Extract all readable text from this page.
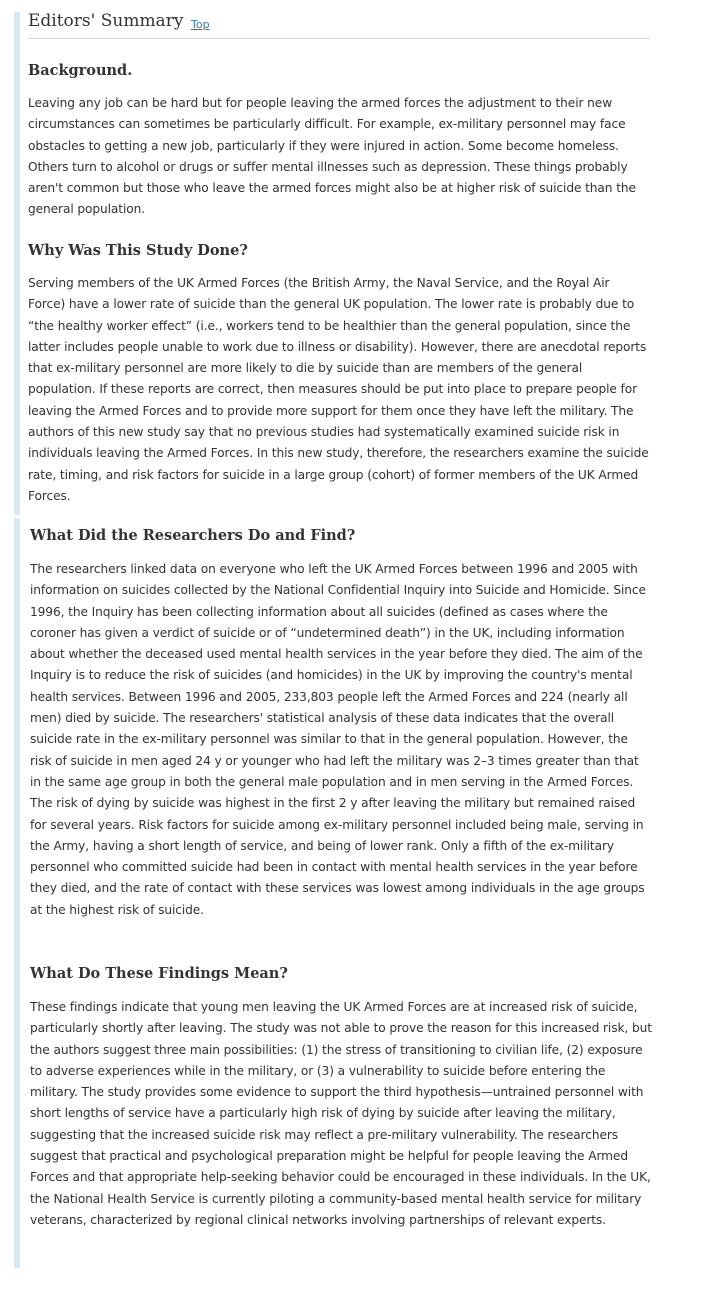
Editors' Summary Top
Background.

Leaving any job can be hard but for people leaving the armed forces the adjustment to their new circumstances can sometimes be particularly difficult. For example, ex-military personnel may face obstacles to getting a new job, particularly if they were injured in action. Some become homeless. Others turn to alcohol or drugs or suffer mental illnesses such as depression. These things probably aren't common but those who leave the armed forces might also be at higher risk of suicide than the general population.

Why Was This Study Done?

Serving members of the UK Armed Forces (the British Army, the Naval Service, and the Royal Air Force) have a lower rate of suicide than the general UK population. The lower rate is probably due to “the healthy worker effect” (i.e., workers tend to be healthier than the general population, since the latter includes people unable to work due to illness or disability). However, there are anecdotal reports that ex-military personnel are more likely to die by suicide than are members of the general population. If these reports are correct, then measures should be put into place to prepare people for leaving the Armed Forces and to provide more support for them once they have left the military. The authors of this new study say that no previous studies had systematically examined suicide risk in individuals leaving the Armed Forces. In this new study, therefore, the researchers examine the suicide rate, timing, and risk factors for suicide in a large group (cohort) of former members of the UK Armed Forces.

What Did the Researchers Do and Find?

The researchers linked data on everyone who left the UK Armed Forces between 1996 and 2005 with information on suicides collected by the National Confidential Inquiry into Suicide and Homicide. Since 1996, the Inquiry has been collecting information about all suicides (defined as cases where the coroner has given a verdict of suicide or of “undetermined death”) in the UK, including information about whether the deceased used mental health services in the year before they died. The aim of the Inquiry is to reduce the risk of suicides (and homicides) in the UK by improving the country's mental health services. Between 1996 and 2005, 233,803 people left the Armed Forces and 224 (nearly all men) died by suicide. The researchers' statistical analysis of these data indicates that the overall suicide rate in the ex-military personnel was similar to that in the general population. However, the risk of suicide in men aged 24 y or younger who had left the military was 2–3 times greater than that in the same age group in both the general male population and in men serving in the Armed Forces. The risk of dying by suicide was highest in the first 2 y after leaving the military but remained raised for several years. Risk factors for suicide among ex-military personnel included being male, serving in the Army, having a short length of service, and being of lower rank. Only a fifth of the ex-military personnel who committed suicide had been in contact with mental health services in the year before they died, and the rate of contact with these services was lowest among individuals in the age groups at the highest risk of suicide.

What Do These Findings Mean?

These findings indicate that young men leaving the UK Armed Forces are at increased risk of suicide, particularly shortly after leaving. The study was not able to prove the reason for this increased risk, but the authors suggest three main possibilities: (1) the stress of transitioning to civilian life, (2) exposure to adverse experiences while in the military, or (3) a vulnerability to suicide before entering the military. The study provides some evidence to support the third hypothesis—untrained personnel with short lengths of service have a particularly high risk of dying by suicide after leaving the military, suggesting that the increased suicide risk may reflect a pre-military vulnerability. The researchers suggest that practical and psychological preparation might be helpful for people leaving the Armed Forces and that appropriate help-seeking behavior could be encouraged in these individuals. In the UK, the National Health Service is currently piloting a community-based mental health service for military veterans, characterized by regional clinical networks involving partnerships of relevant experts.
